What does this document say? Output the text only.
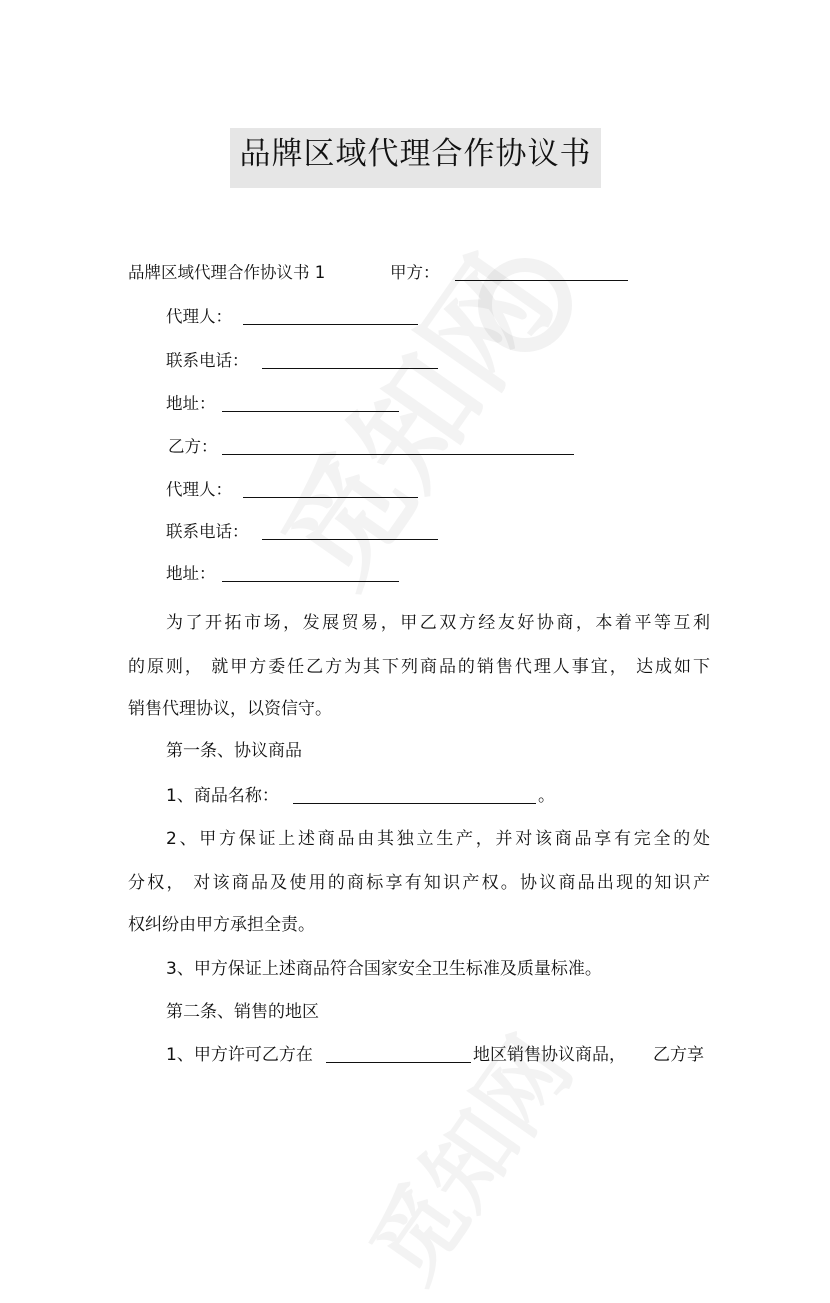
品牌区域代理合作协议书
品牌区域代理合作协议书 1	甲方：
代理人：
联系电话：
地址：
乙方：
代理人：
联系电话：
地址：
为了开拓市场，发展贸易，甲乙双方经友好协商，本着平等互利
的原则， 就甲方委任乙方为其下列商品的销售代理人事宜， 达成如下
销售代理协议，以资信守。
第一条、协议商品
1、商品名称：	。
2、甲方保证上述商品由其独立生产，并对该商品享有完全的处
分权， 对该商品及使用的商标享有知识产权。协议商品出现的知识产
权纠纷由甲方承担全责。
3、甲方保证上述商品符合国家安全卫生标准及质量标准。
第二条、销售的地区
1、甲方许可乙方在	地区销售协议商品， 乙方享
